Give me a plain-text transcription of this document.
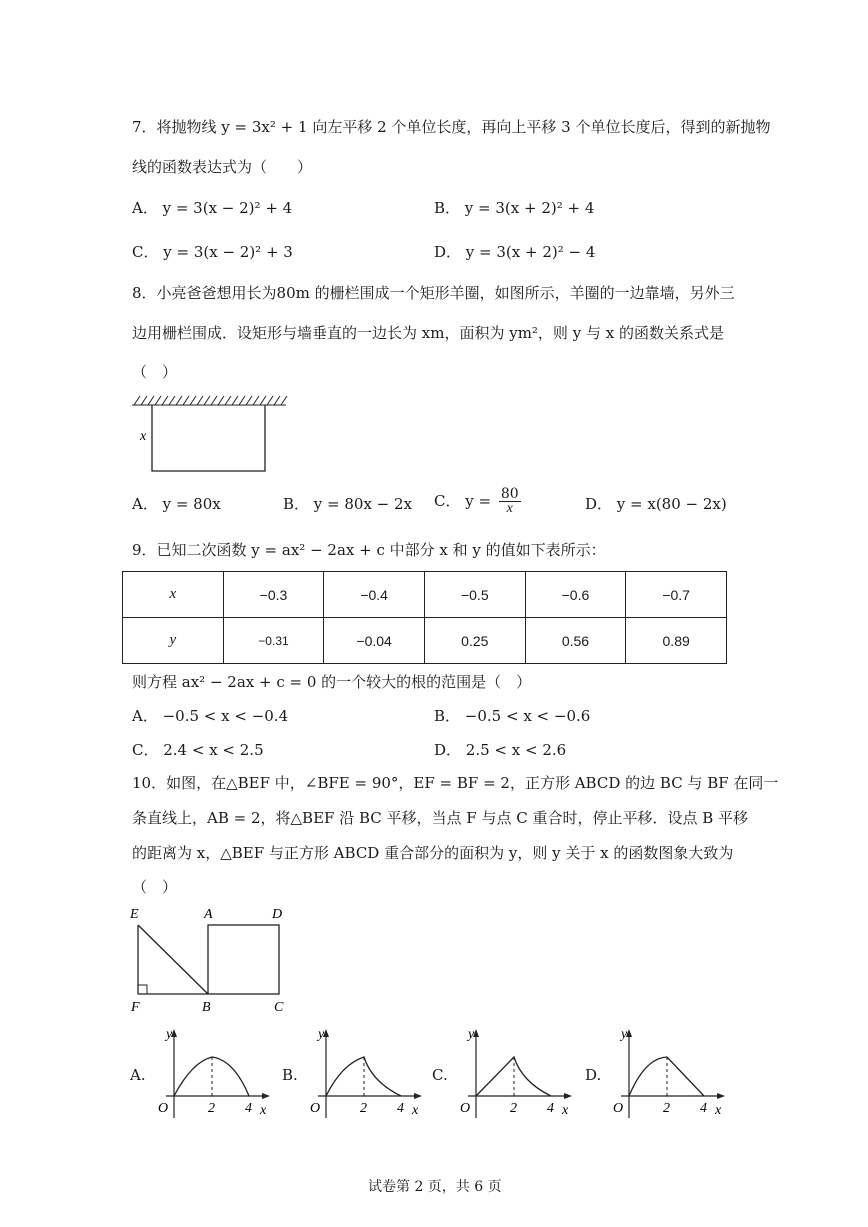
7．将抛物线 y = 3x² + 1 向左平移 2 个单位长度，再向上平移 3 个单位长度后，得到的新抛物
线的函数表达式为（　　）
A． y = 3(x − 2)² + 4	B． y = 3(x + 2)² + 4
C． y = 3(x − 2)² + 3	D． y = 3(x + 2)² − 4
8．小亮爸爸想用长为80m 的栅栏围成一个矩形羊圈，如图所示，羊圈的一边靠墙，另外三
边用栅栏围成．设矩形与墙垂直的一边长为 xm，面积为 ym²，则 y 与 x 的函数关系式是
（　）
x
A． y = 80x	B． y = 80x − 2x C． $y = \frac{80}{x}$	D． y = x(80 − 2x)
9．已知二次函数 y = ax² − 2ax + c 中部分 x 和 y 的值如下表所示：
x	−0.3	−0.4	−0.5	−0.6	−0.7
y	−0.31	−0.04	0.25	0.56	0.89
则方程 ax² − 2ax + c = 0 的一个较大的根的范围是（　）
A． −0.5 < x < −0.4	B． −0.5 < x < −0.6
C． 2.4 < x < 2.5	D． 2.5 < x < 2.6
10．如图，在△BEF 中，∠BFE = 90°，EF = BF = 2，正方形 ABCD 的边 BC 与 BF 在同一
条直线上，AB = 2，将△BEF 沿 BC 平移，当点 F 与点 C 重合时，停止平移．设点 B 平移
的距离为 x，△BEF 与正方形 ABCD 重合部分的面积为 y，则 y 关于 x 的函数图象大致为
（　）
E	A	D
F	B	C
A.
y
O	2 4 x
B.
y
O	2 4 x
C.
y
O	2 4 x
D.
y
O	2 4 x
试卷第 2 页，共 6 页
